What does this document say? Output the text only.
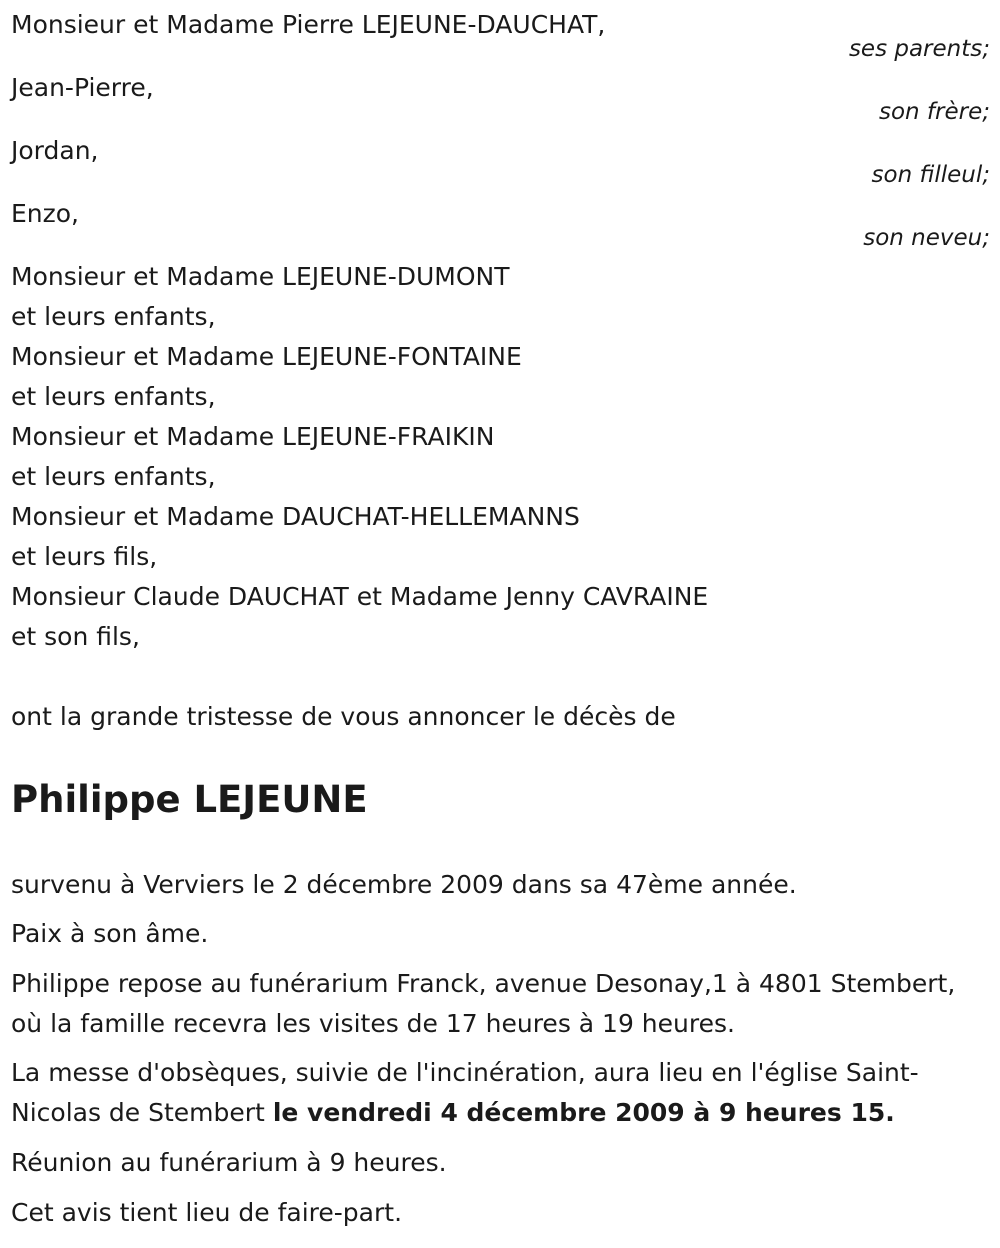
Monsieur et Madame Pierre LEJEUNE-DAUCHAT,
ses parents;
Jean-Pierre,
son frère;
Jordan,
son filleul;
Enzo,
son neveu;
Monsieur et Madame LEJEUNE-DUMONT
et leurs enfants,
Monsieur et Madame LEJEUNE-FONTAINE
et leurs enfants,
Monsieur et Madame LEJEUNE-FRAIKIN
et leurs enfants,
Monsieur et Madame DAUCHAT-HELLEMANNS
et leurs fils,
Monsieur Claude DAUCHAT et Madame Jenny CAVRAINE
et son fils,
ont la grande tristesse de vous annoncer le décès de
Philippe LEJEUNE
survenu à Verviers le 2 décembre 2009 dans sa 47ème année.
Paix à son âme.
Philippe repose au funérarium Franck, avenue Desonay,1 à 4801 Stembert, où la famille recevra les visites de 17 heures à 19 heures.
La messe d'obsèques, suivie de l'incinération, aura lieu en l'église Saint-Nicolas de Stembert le vendredi 4 décembre 2009 à 9 heures 15.
Réunion au funérarium à 9 heures.
Cet avis tient lieu de faire-part.
